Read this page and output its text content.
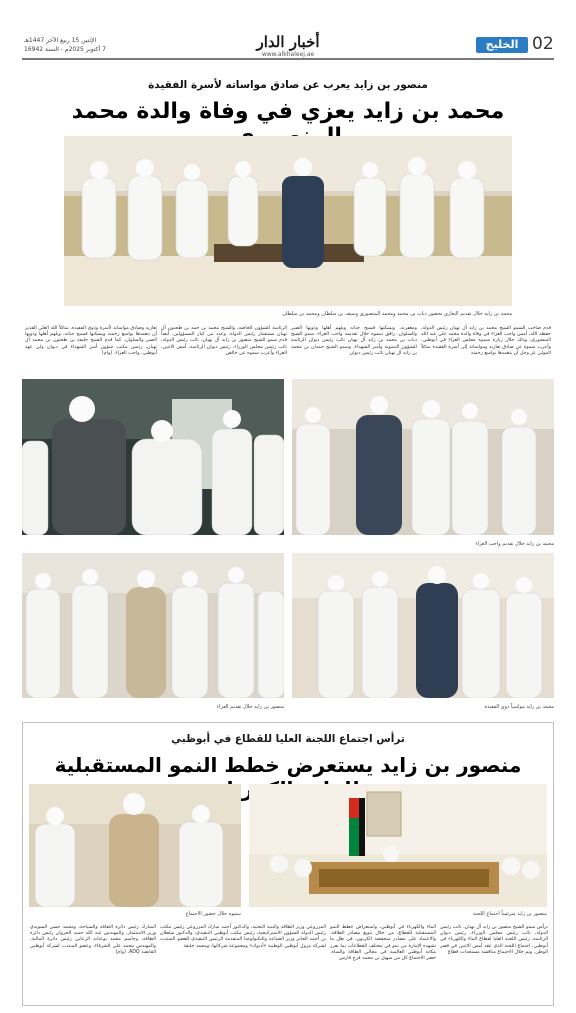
02
الخليج
أخبار الدار
www.alkhaleej.ae
الإثنين 15 ربيع الآخر 1447هـ
7 أكتوبر 2025م - السنة 16942
منصور بن زايد يعرب عن صادق مواساته لأسرة الفقيدة
محمد بن زايد يعزي في وفاة والدة محمد
محمد بن زايد خلال تقديم التعازي بحضور ذياب بن محمد ومحمد المنصوري وسيف بن سلطان ومحمد بن سلطان
قدم صاحب السمو الشيخ محمد بن زايد آل نهيان رئيس الدولة، حفظه الله، أمس واجب العزاء في وفاة والدة محمد علي عبد الله المنصوري، وذلك خلال زيارة سموه مجلس العزاء في أبوظبي. وأعرب سموه عن صادق تعازيه ومواساته إلى أسرة الفقيدة سائلاً المولى عز وجل أن يتغمدها بواسع رحمته
ومغفرته، ويسكنها فسيح جناته ويلهم أهلها وذويها الصبر والسلوان. رافق سموه خلال تقديمه واجب العزاء، سمو الشيخ ذياب بن محمد بن زايد آل نهيان نائب رئيس ديوان الرئاسة للشؤون التنموية وأسر الشهداء، وسمو الشيخ حمدان بن محمد بن زايد آل نهيان نائب رئيس ديوان
الرئاسة للشؤون الخاصة، والشيخ محمد بن حمد بن طحنون آل نهيان مستشار رئيس الدولة، وعدد من كبار المسؤولين. أيضاً قدم سمو الشيخ منصور بن زايد آل نهيان، نائب رئيس الدولة، نائب رئيس مجلس الوزراء، رئيس ديوان الرئاسة، أمس الاثنين، العزاء وأعرب سموه عن خالص
تعازيه وصادق مواساته لأسرة وذوي الفقيدة، سائلاً الله العلي القدير أن يتغمدها بواسع رحمته ويسكنها فسيح جناته، ويلهم أهلها وذويها الصبر والسلوان. كما قدم الشيخ خليفة بن طحنون بن محمد آل نهيان، رئيس مكتب شؤون أسر الشهداء في ديوان ولي عهد أبوظبي، واجب العزاء. (وام)
محمد بن زايد خلال تقديم واجب العزاء
محمد بن زايد مواسياً ذوي الفقيدة
منصور بن زايد خلال تقديم العزاء
ترأس اجتماع اللجنة العليا للقطاع في أبوظبي
منصور بن زايد يستعرض خطط النمو المستقبلية
منصور بن زايد مترئساً اجتماع اللجنة
سموه خلال حضور الاجتماع
ترأس سمو الشيخ منصور بن زايد آل نهيان، نائب رئيس الدولة، نائب رئيس مجلس الوزراء، رئيس ديوان الرئاسة، رئيس اللجنة العليا لقطاع الماء والكهرباء في أبوظبي، اجتماع اللجنة الذي عقد أمس الاثنين في قصر الوطن. وتم خلال الاجتماع مناقشة مستجدات قطاع
الماء والكهرباء في أبوظبي، واستعراض خطط النمو المستقبلية للقطاع، من خلال تنويع مصادر الطاقة، والاعتماد على مصادر منخفضة الكربون، في ظل ما تشهده الإمارة من نمو في مختلف القطاعات بما يعزز مكانة أبوظبي العالمية في مجالي الطاقة والمياه. حضر الاجتماع كل من سهيل بن محمد فرج فارس
المزروعي وزير الطاقة والبنية التحتية، والدكتور أحمد مبارك المزروعي رئيس مكتب رئيس الدولة للشؤون الاستراتيجية، رئيس مكتب أبوظبي التنفيذي، والدكتور سلطان بن أحمد الجابر وزير الصناعة والتكنولوجيا المتقدمة الرئيس التنفيذي للعضو المنتدب لشركة بترول أبوظبي الوطنية «أدنوك» ومجموعة شركاتها، ومحمد خليفة
المبارك رئيس دائرة الثقافة والسياحة، ومحمد حسن السويدي وزير الاستثمار، والمهندس عبد الله حميد الجروان رئيس دائرة الطاقة، وجاسم محمد بوعتابه الزعابي رئيس دائرة المالية، والمهندس محمد علي الشرفاء، وعضو المنتدب لشركة أبوظبي القابضة ADQ. (وام)
